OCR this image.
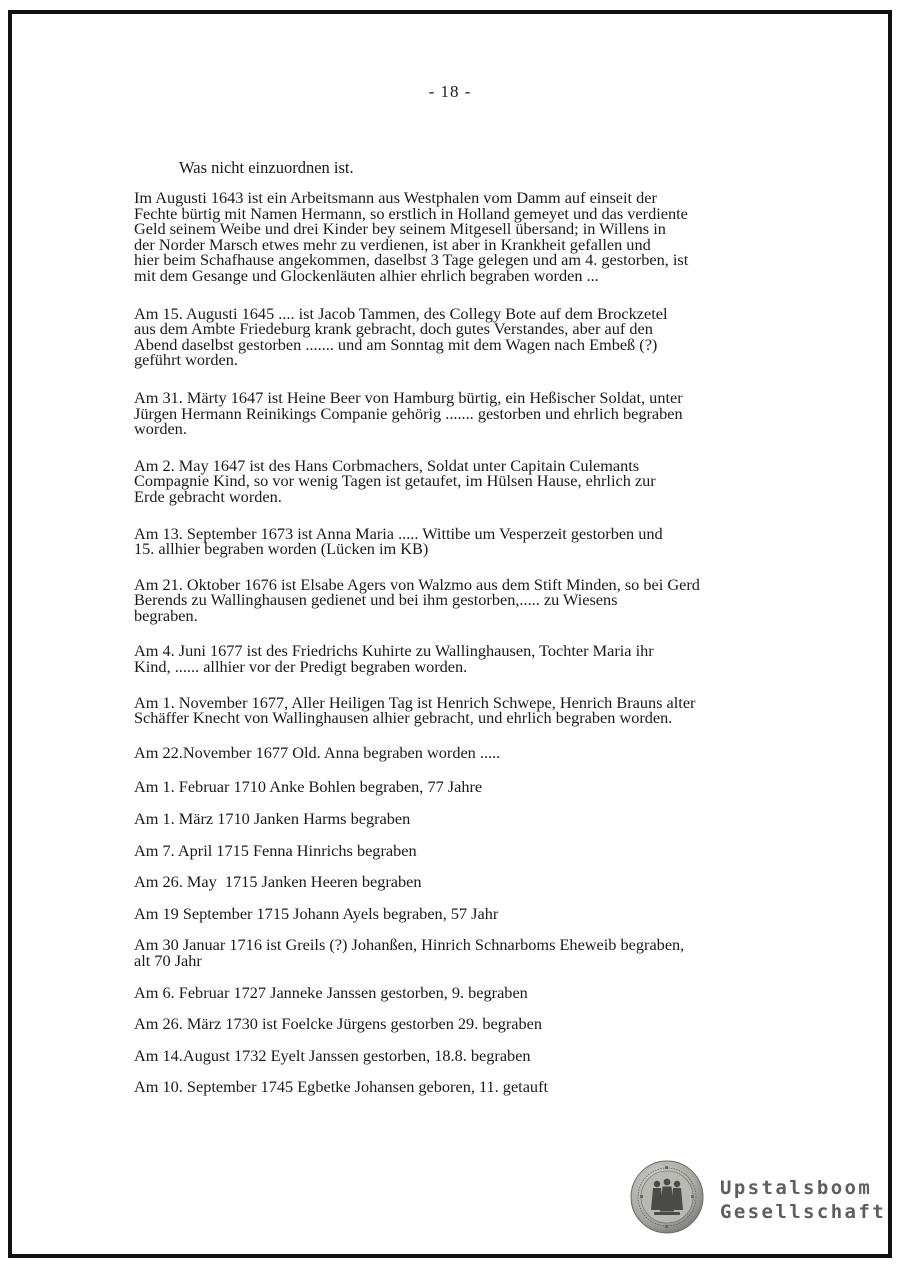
- 18 -
Was nicht einzuordnen ist.
Im Augusti 1643 ist ein Arbeitsmann aus Westphalen vom Damm auf einseit der
Fechte bürtig mit Namen Hermann, so erstlich in Holland gemeyet und das verdiente
Geld seinem Weibe und drei Kinder bey seinem Mitgesell übersand; in Willens in
der Norder Marsch etwes mehr zu verdienen, ist aber in Krankheit gefallen und
hier beim Schafhause angekommen, daselbst 3 Tage gelegen und am 4. gestorben, ist
mit dem Gesange und Glockenläuten alhier ehrlich begraben worden ...
Am 15. Augusti 1645 .... ist Jacob Tammen, des Collegy Bote auf dem Brockzetel
aus dem Ambte Friedeburg krank gebracht, doch gutes Verstandes, aber auf den
Abend daselbst gestorben ....... und am Sonntag mit dem Wagen nach Embeß (?)
geführt worden.
Am 31. Märty 1647 ist Heine Beer von Hamburg bürtig, ein Heßischer Soldat, unter
Jürgen Hermann Reinikings Companie gehörig ....... gestorben und ehrlich begraben
worden.
Am 2. May 1647 ist des Hans Corbmachers, Soldat unter Capitain Culemants
Compagnie Kind, so vor wenig Tagen ist getaufet, im Hülsen Hause, ehrlich zur
Erde gebracht worden.
Am 13. September 1673 ist Anna Maria ..... Wittibe um Vesperzeit gestorben und
15. allhier begraben worden (Lücken im KB)
Am 21. Oktober 1676 ist Elsabe Agers von Walzmo aus dem Stift Minden, so bei Gerd
Berends zu Wallinghausen gedienet und bei ihm gestorben,..... zu Wiesens
begraben.
Am 4. Juni 1677 ist des Friedrichs Kuhirte zu Wallinghausen, Tochter Maria ihr
Kind, ...... allhier vor der Predigt begraben worden.
Am 1. November 1677, Aller Heiligen Tag ist Henrich Schwepe, Henrich Brauns alter
Schäffer Knecht von Wallinghausen alhier gebracht, und ehrlich begraben worden.
Am 22.November 1677 Old. Anna begraben worden .....
Am 1. Februar 1710 Anke Bohlen begraben, 77 Jahre
Am 1. März 1710 Janken Harms begraben
Am 7. April 1715 Fenna Hinrichs begraben
Am 26. May  1715 Janken Heeren begraben
Am 19 September 1715 Johann Ayels begraben, 57 Jahr
Am 30 Januar 1716 ist Greils (?) Johanßen, Hinrich Schnarboms Eheweib begraben,
alt 70 Jahr
Am 6. Februar 1727 Janneke Janssen gestorben, 9. begraben
Am 26. März 1730 ist Foelcke Jürgens gestorben 29. begraben
Am 14.August 1732 Eyelt Janssen gestorben, 18.8. begraben
Am 10. September 1745 Egbetke Johansen geboren, 11. getauft
Upstalsboom
Gesellschaft
